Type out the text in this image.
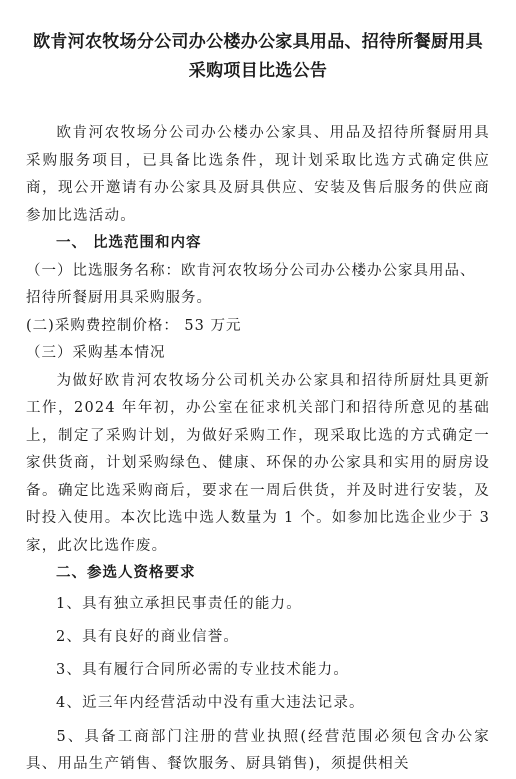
欧肯河农牧场分公司办公楼办公家具用品、招待所餐厨用具
采购项目比选公告

欧肯河农牧场分公司办公楼办公家具、用品及招待所餐厨用具采购服务项目，已具备比选条件，现计划采取比选方式确定供应商，现公开邀请有办公家具及厨具供应、安装及售后服务的供应商参加比选活动。

一、 比选范围和内容

（一）比选服务名称：欧肯河农牧场分公司办公楼办公家具用品、招待所餐厨用具采购服务。

(二)采购费控制价格： 53 万元

（三）采购基本情况

为做好欧肯河农牧场分公司机关办公家具和招待所厨灶具更新工作，2024 年年初，办公室在征求机关部门和招待所意见的基础上，制定了采购计划，为做好采购工作，现采取比选的方式确定一家供货商，计划采购绿色、健康、环保的办公家具和实用的厨房设备。确定比选采购商后，要求在一周后供货，并及时进行安装，及时投入使用。本次比选中选人数量为 1 个。如参加比选企业少于 3 家，此次比选作废。

二、参选人资格要求

1、具有独立承担民事责任的能力。

2、具有良好的商业信誉。

3、具有履行合同所必需的专业技术能力。

4、近三年内经营活动中没有重大违法记录。

5、具备工商部门注册的营业执照(经营范围必须包含办公家具、用品生产销售、餐饮服务、厨具销售)，须提供相关
